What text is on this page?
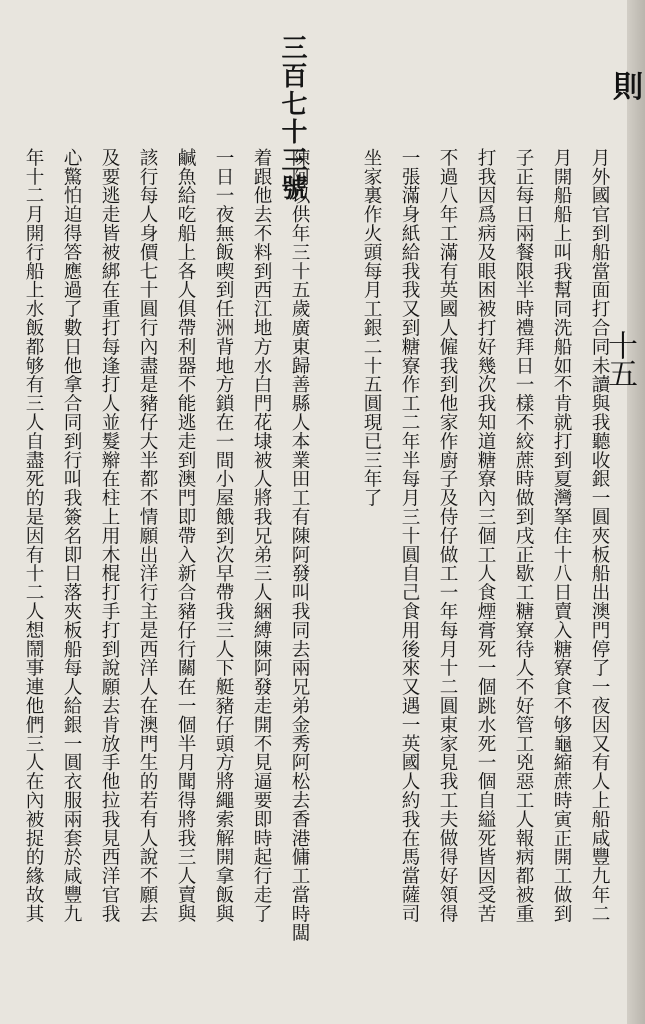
則
十五
三百七十三號
月外國官到船當面打合同未讀與我聽收銀一圓夾板船出澳門停了一夜因又有人上船咸豐九年二
月開船船上叫我幫同洗船如不肯就打到夏灣拏住十八日賣入糖寮食不够龜縮蔗時寅正開工做到
子正每日兩餐限半時禮拜日一樣不絞蔗時做到戌正歇工糖寮待人不好管工兇惡工人報病都被重
打我因爲病及眼困被打好幾次我知道糖寮內三個工人食煙膏死一個跳水死一個自縊死皆因受苦
不過八年工滿有英國人僱我到他家作廚子及侍仔做工一年每月十二圓東家見我工夫做得好領得
一張滿身紙給我我又到糖寮作工二年半每月三十圓自己食用後來又遇一英國人約我在馬當薩司
坐家裏作火頭每月工銀二十五圓現已三年了
陳阿以供年三十五歲廣東歸善縣人本業田工有陳阿發叫我同去兩兄弟金秀阿松去香港傭工當時闆
着跟他去不料到西江地方水白門花埭被人將我兄弟三人綑縛陳阿發走開不見逼要即時起行走了
一日一夜無飯喫到任洲背地方鎖在一間小屋餓到次早帶我三人下艇豬仔頭方將繩索解開拿飯與
鹹魚給吃船上各人俱帶利器不能逃走到澳門即帶入新合豬仔行關在一個半月聞得將我三人賣與
該行每人身價七十圓行內盡是豬仔大半都不情願出洋行主是西洋人在澳門生的若有人說不願去
及要逃走皆被綁在重打每逢打人並髮辮在柱上用木棍打手打到說願去肯放手他拉我見西洋官我
心驚怕迫得答應過了數日他拿合同到行叫我簽名即日落夾板船每人給銀一圓衣服兩套於咸豐九
年十二月開行船上水飯都够有三人自盡死的是因有十二人想鬧事連他們三人在內被捉的緣故其
